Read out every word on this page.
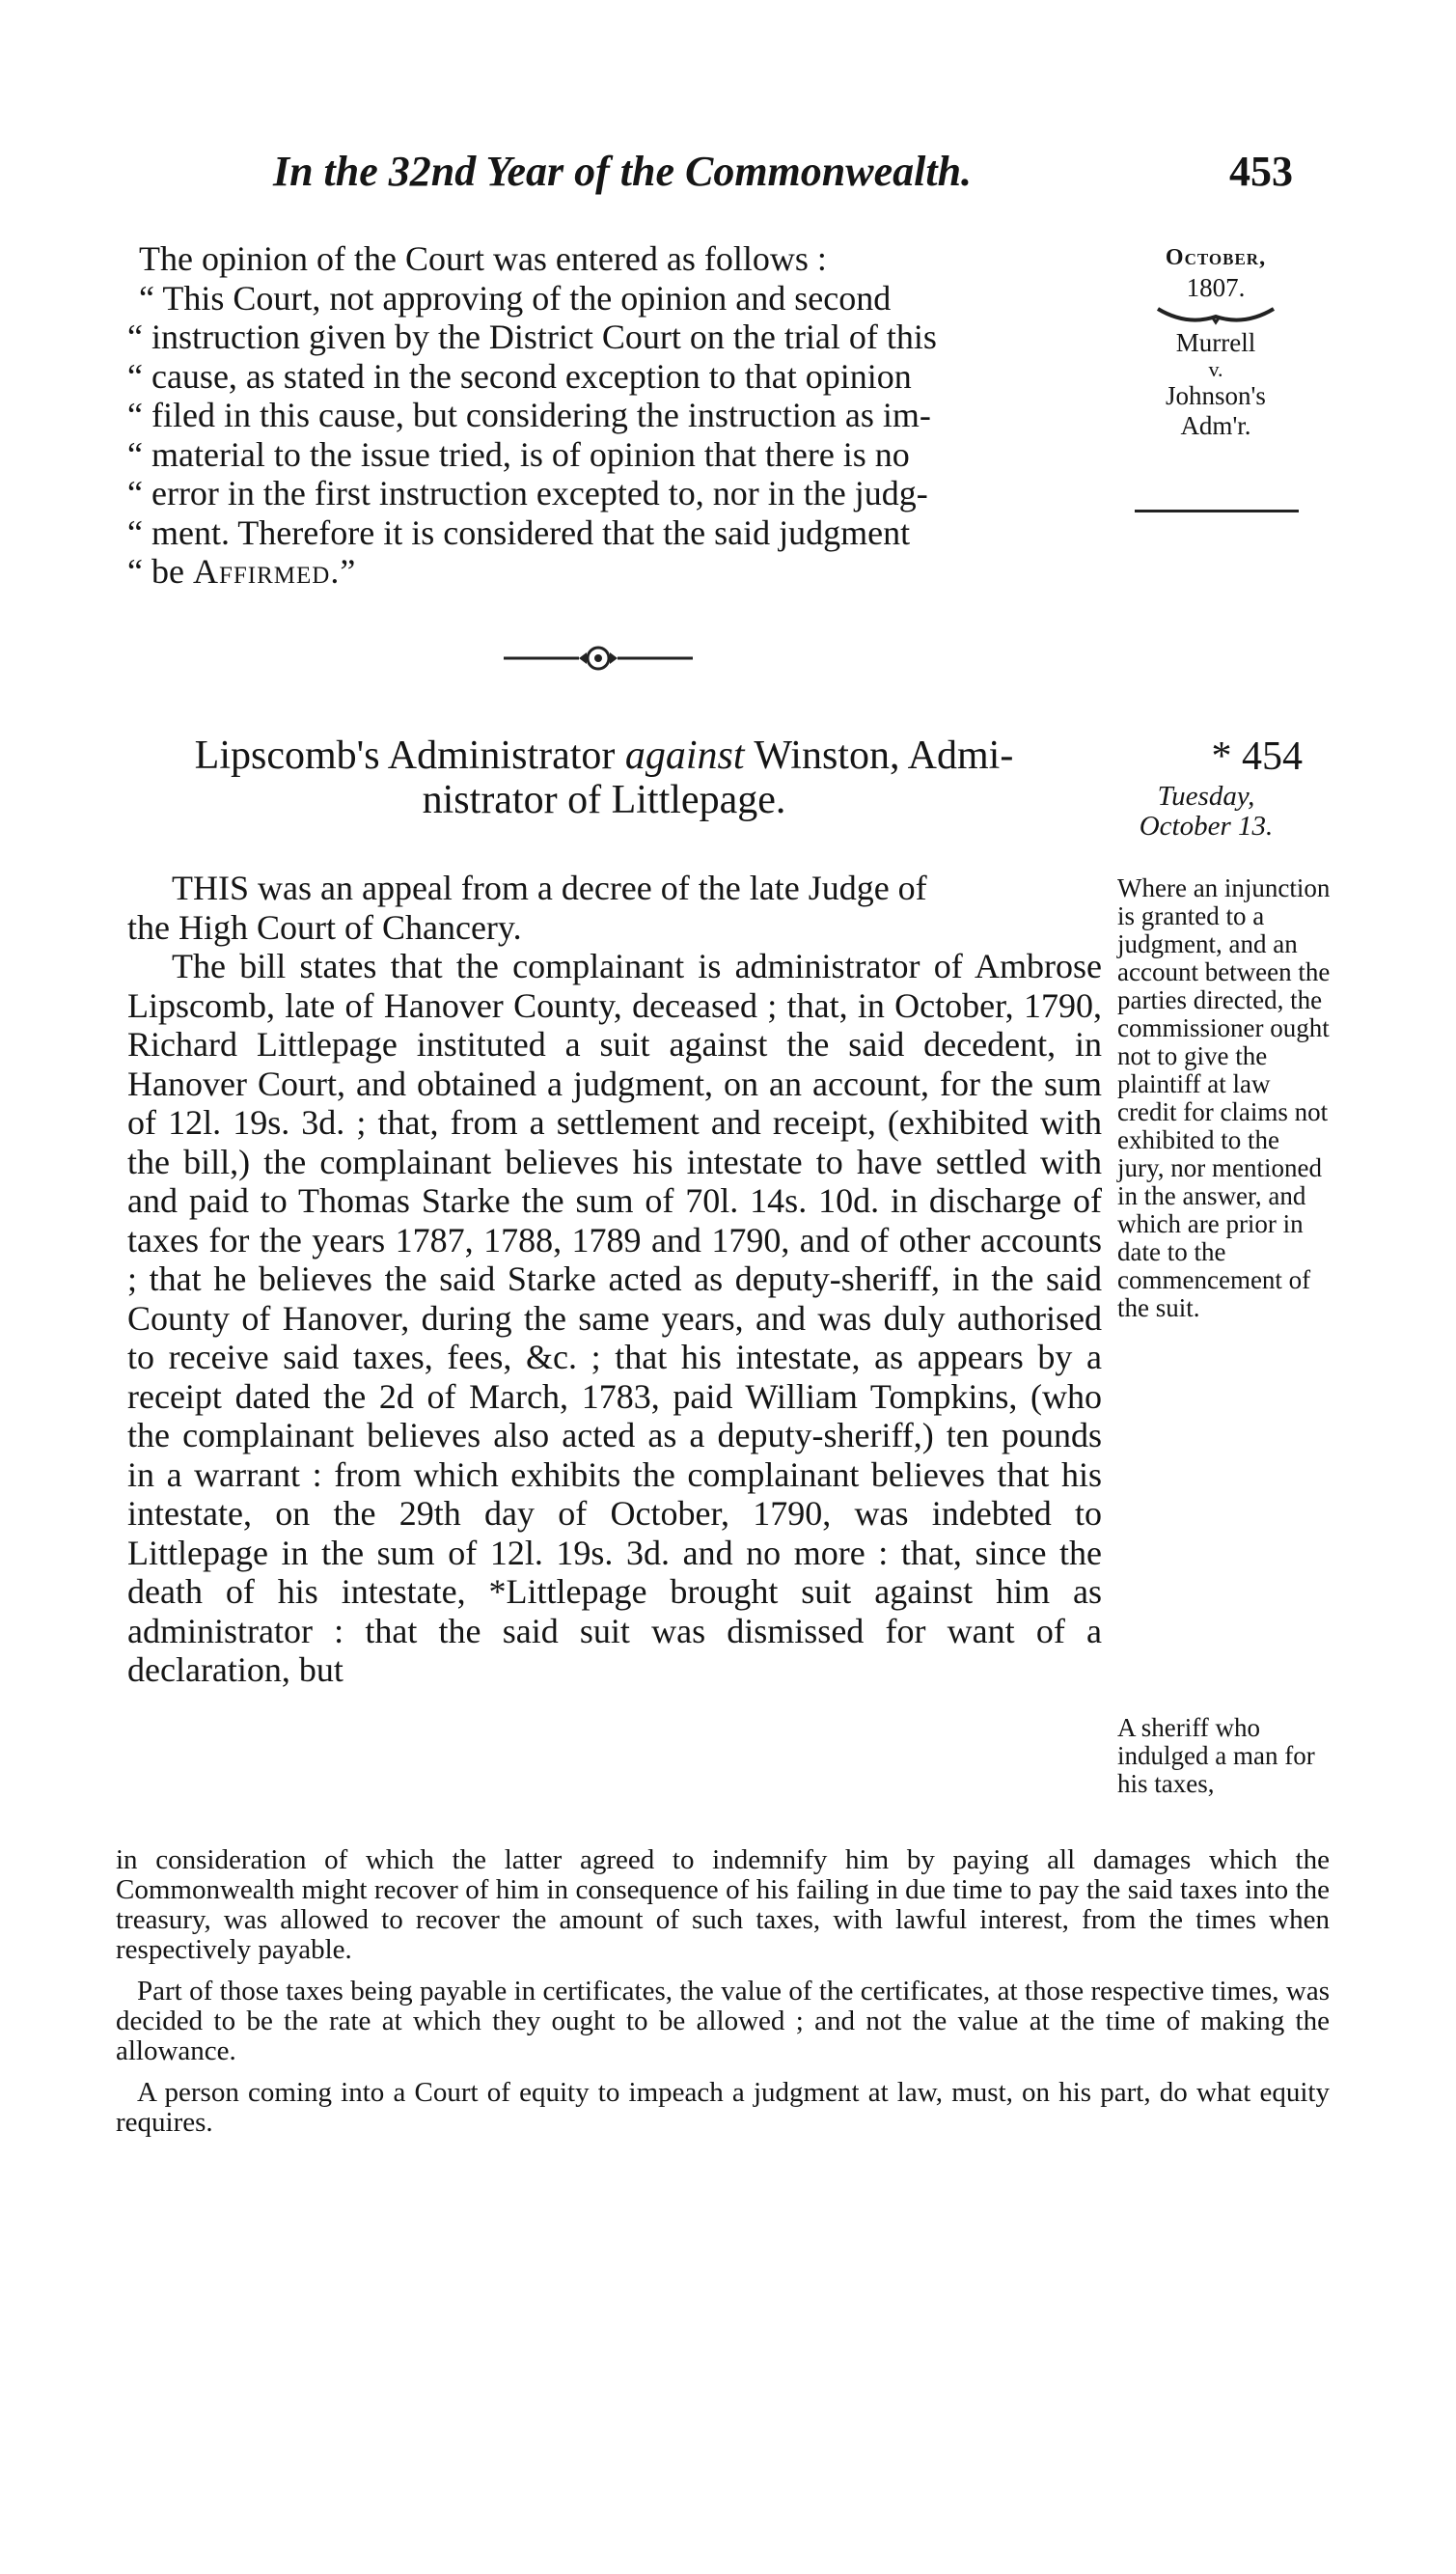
In the 32nd Year of the Commonwealth.	453

The opinion of the Court was entered as follows :

“ This Court, not approving of the opinion and second

“ instruction given by the District Court on the trial of this

“ cause, as stated in the second exception to that opinion

“ filed in this cause, but considering the instruction as im-

“ material to the issue tried, is of opinion that there is no

“ error in the first instruction excepted to, nor in the judg-

“ ment. Therefore it is considered that the said judgment

“ be Affirmed.”

October,

1807.

Murrell

v.

Johnson's

Adm'r.

Lipscomb's Administrator against Winston, Admi-
nistrator of Littlepage.
* 454
Tuesday,
October 13.

THIS was an appeal from a decree of the late Judge of

the High Court of Chancery.

The bill states that the complainant is administrator of Ambrose Lipscomb, late of Hanover County, deceased ; that, in October, 1790, Richard Littlepage instituted a suit against the said decedent, in Hanover Court, and obtained a judgment, on an account, for the sum of 12l. 19s. 3d. ; that, from a settlement and receipt, (exhibited with the bill,) the complainant believes his intestate to have settled with and paid to Thomas Starke the sum of 70l. 14s. 10d. in discharge of taxes for the years 1787, 1788, 1789 and 1790, and of other accounts ; that he believes the said Starke acted as deputy-sheriff, in the said County of Hanover, during the same years, and was duly authorised to receive said taxes, fees, &c. ; that his intestate, as appears by a receipt dated the 2d of March, 1783, paid William Tompkins, (who the complainant believes also acted as a deputy-sheriff,) ten pounds in a warrant : from which exhibits the complainant believes that his intestate, on the 29th day of October, 1790, was indebted to Littlepage in the sum of 12l. 19s. 3d. and no more : that, since the death of his intestate, *Littlepage brought suit against him as administrator : that the said suit was dismissed for want of a declaration, but

Where an injunction is granted to a judgment, and an account between the parties directed, the commissioner ought not to give the plaintiff at law credit for claims not exhibited to the jury, nor mentioned in the answer, and which are prior in date to the commencement of the suit.
A sheriff who indulged a man for his taxes,

in consideration of which the latter agreed to indemnify him by paying all damages which the Commonwealth might recover of him in consequence of his failing in due time to pay the said taxes into the treasury, was allowed to recover the amount of such taxes, with lawful interest, from the times when respectively payable.

Part of those taxes being payable in certificates, the value of the certificates, at those respective times, was decided to be the rate at which they ought to be allowed ; and not the value at the time of making the allowance.

A person coming into a Court of equity to impeach a judgment at law, must, on his part, do what equity requires.
